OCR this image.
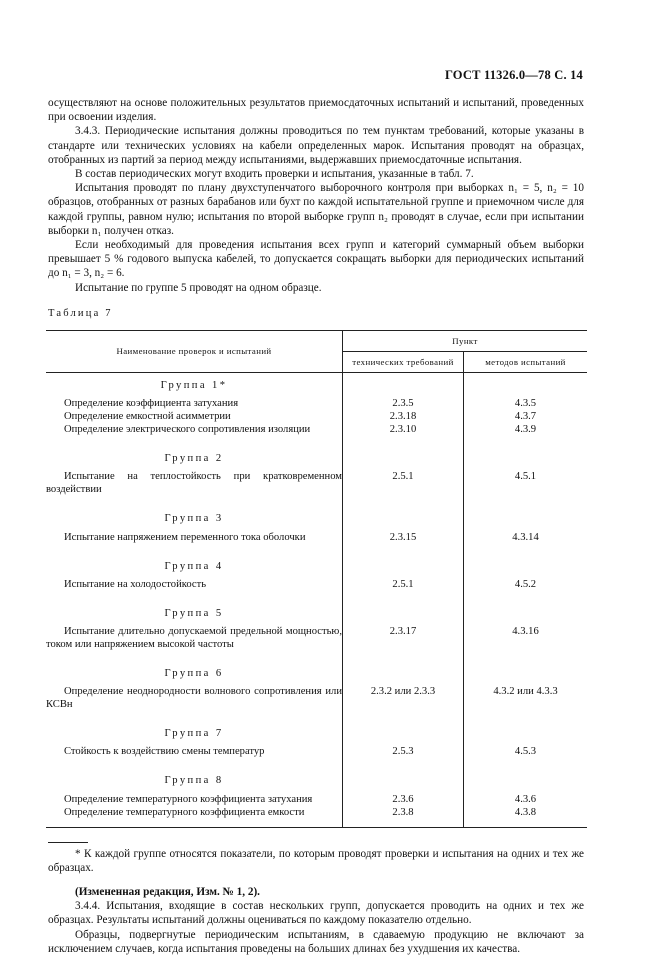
ГОСТ 11326.0—78 С. 14

осуществляют на основе положительных результатов приемосдаточных испытаний и испытаний, проведенных при освоении изделия.

3.4.3. Периодические испытания должны проводиться по тем пунктам требований, которые указаны в стандарте или технических условиях на кабели определенных марок. Испытания проводят на образцах, отобранных из партий за период между испытаниями, выдержавших приемосдаточные испытания.

В состав периодических могут входить проверки и испытания, указанные в табл. 7.

Испытания проводят по плану двухступенчатого выборочного контроля при выборках n₁ = 5, n₂ = 10 образцов, отобранных от разных барабанов или бухт по каждой испытательной группе и приемочном числе для каждой группы, равном нулю; испытания по второй выборке групп n₂ проводят в случае, если при испытании выборки n₁ получен отказ.

Если необходимый для проведения испытания всех групп и категорий суммарный объем выборки превышает 5 % годового выпуска кабелей, то допускается сокращать выборки для периодических испытаний до n₁ = 3, n₂ = 6.

Испытание по группе 5 проводят на одном образце.

Таблица 7

Наименование проверок и испытаний	Пункт	
	технических требований	методов испытаний
Группа 1*		

Определение коэффициента затухания	2.3.5	4.3.5

Определение емкостной асимметрии	2.3.18	4.3.7

Определение электрического сопротивления изоляции	2.3.10	4.3.9
Группа 2		

Испытание на теплостойкость при кратковременном воздействии	2.5.1	4.5.1
Группа 3		

Испытание напряжением переменного тока оболочки	2.3.15	4.3.14
Группа 4		

Испытание на холодостойкость	2.5.1	4.5.2
Группа 5		

Испытание длительно допускаемой предельной мощностью, током или напряжением высокой частоты	2.3.17	4.3.16
Группа 6		

Определение неоднородности волнового сопротивления или КСВн	2.3.2 или 2.3.3	4.3.2 или 4.3.3
Группа 7		

Стойкость к воздействию смены температур	2.5.3	4.5.3
Группа 8		

Определение температурного коэффициента затухания	2.3.6	4.3.6

Определение температурного коэффициента емкости	2.3.8	4.3.8

* К каждой группе относятся показатели, по которым проводят проверки и испытания на одних и тех же образцах.

(Измененная редакция, Изм. № 1, 2).

3.4.4. Испытания, входящие в состав нескольких групп, допускается проводить на одних и тех же образцах. Результаты испытаний должны оцениваться по каждому показателю отдельно.

Образцы, подвергнутые периодическим испытаниям, в сдаваемую продукцию не включают за исключением случаев, когда испытания проведены на больших длинах без ухудшения их качества.
